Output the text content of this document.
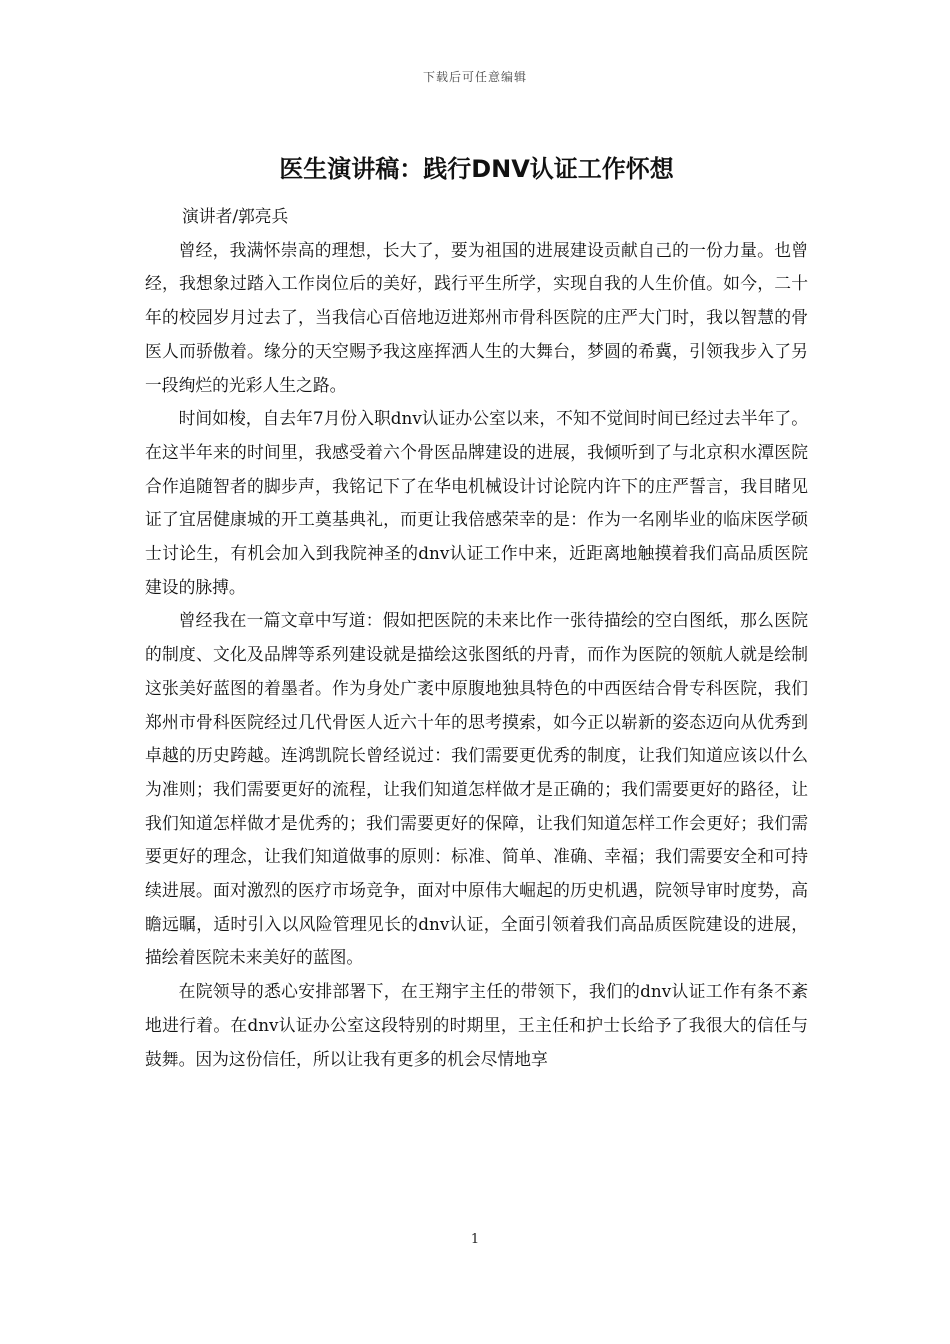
下载后可任意编辑
医生演讲稿：践行DNV认证工作怀想

演讲者/郭亮兵

曾经，我满怀崇高的理想，长大了，要为祖国的进展建设贡献自己的一份力量。也曾经，我想象过踏入工作岗位后的美好，践行平生所学，实现自我的人生价值。如今，二十年的校园岁月过去了，当我信心百倍地迈进郑州市骨科医院的庄严大门时，我以智慧的骨医人而骄傲着。缘分的天空赐予我这座挥洒人生的大舞台，梦圆的希冀，引领我步入了另一段绚烂的光彩人生之路。

时间如梭，自去年7月份入职dnv认证办公室以来，不知不觉间时间已经过去半年了。在这半年来的时间里，我感受着六个骨医品牌建设的进展，我倾听到了与北京积水潭医院合作追随智者的脚步声，我铭记下了在华电机械设计讨论院内许下的庄严誓言，我目睹见证了宜居健康城的开工奠基典礼，而更让我倍感荣幸的是：作为一名刚毕业的临床医学硕士讨论生，有机会加入到我院神圣的dnv认证工作中来，近距离地触摸着我们高品质医院建设的脉搏。

曾经我在一篇文章中写道：假如把医院的未来比作一张待描绘的空白图纸，那么医院的制度、文化及品牌等系列建设就是描绘这张图纸的丹青，而作为医院的领航人就是绘制这张美好蓝图的着墨者。作为身处广袤中原腹地独具特色的中西医结合骨专科医院，我们郑州市骨科医院经过几代骨医人近六十年的思考摸索，如今正以崭新的姿态迈向从优秀到卓越的历史跨越。连鸿凯院长曾经说过：我们需要更优秀的制度，让我们知道应该以什么为准则；我们需要更好的流程，让我们知道怎样做才是正确的；我们需要更好的路径，让我们知道怎样做才是优秀的；我们需要更好的保障，让我们知道怎样工作会更好；我们需要更好的理念，让我们知道做事的原则：标准、简单、准确、幸福；我们需要安全和可持续进展。面对激烈的医疗市场竞争，面对中原伟大崛起的历史机遇，院领导审时度势，高瞻远瞩，适时引入以风险管理见长的dnv认证，全面引领着我们高品质医院建设的进展，描绘着医院未来美好的蓝图。

在院领导的悉心安排部署下，在王翔宇主任的带领下，我们的dnv认证工作有条不紊地进行着。在dnv认证办公室这段特别的时期里，王主任和护士长给予了我很大的信任与鼓舞。因为这份信任，所以让我有更多的机会尽情地享

1
